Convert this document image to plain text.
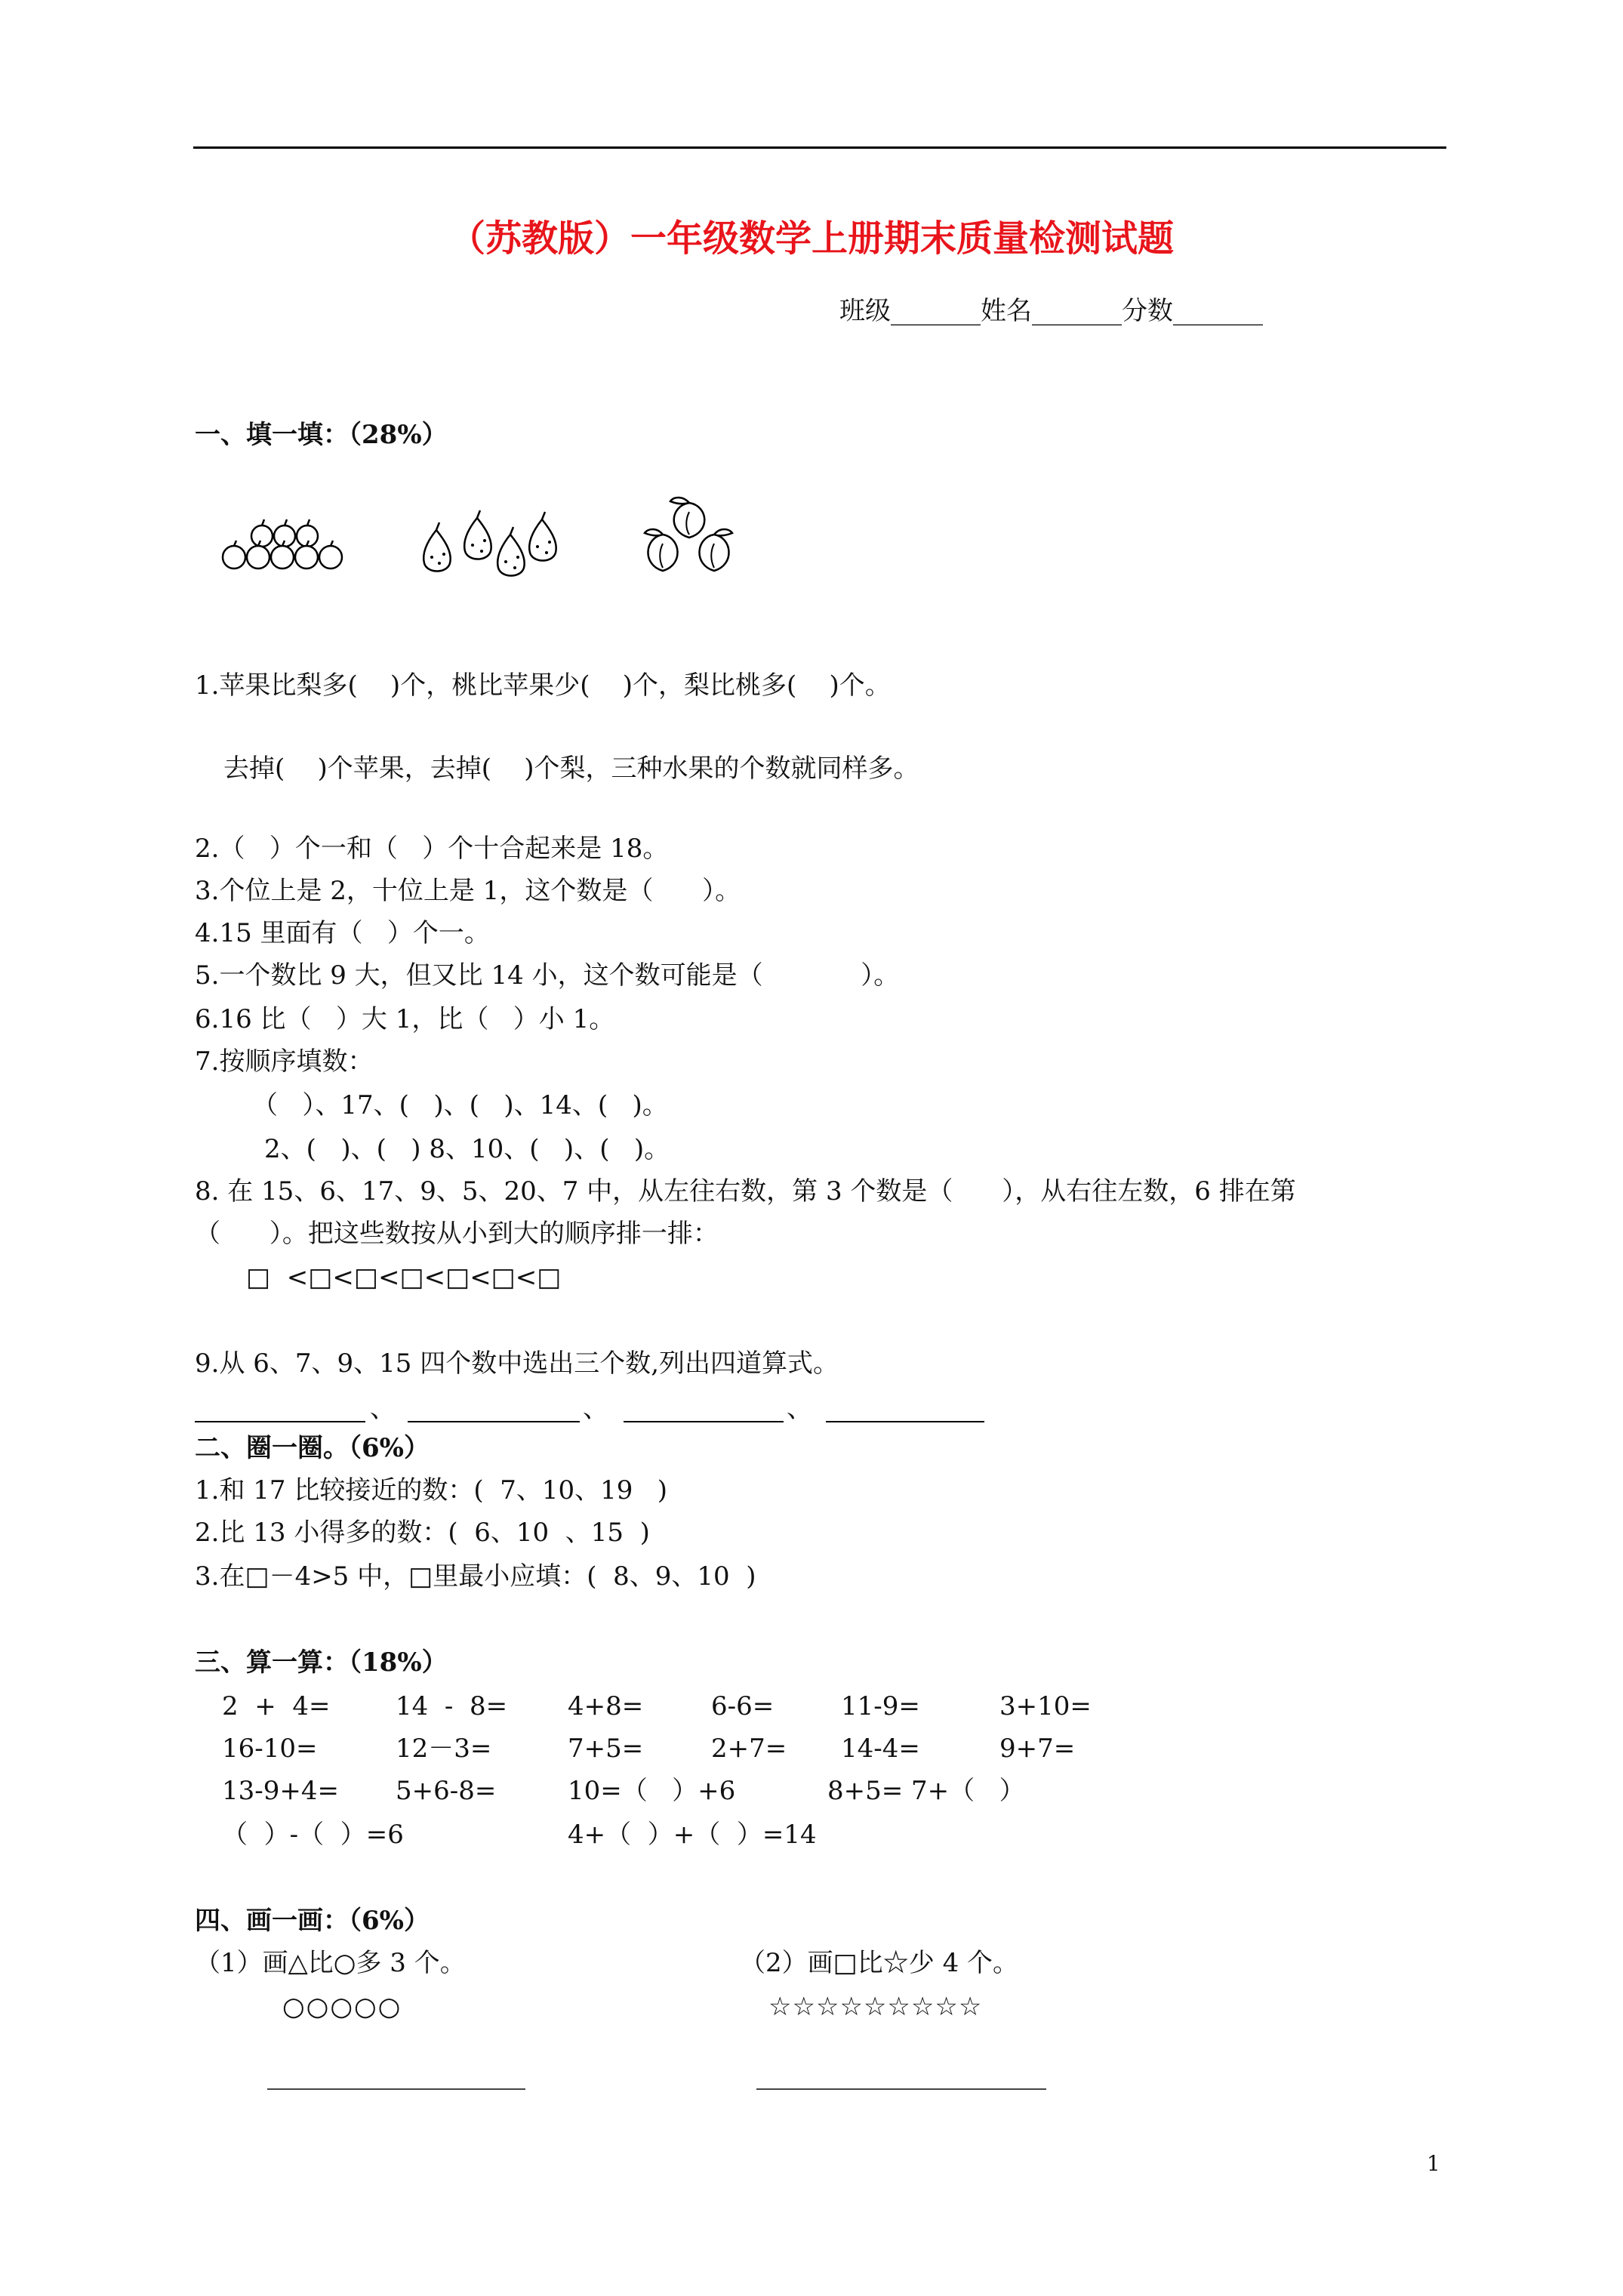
（苏教版）一年级数学上册期末质量检测试题
班级_______姓名_______分数_______
一、填一填：（28%）
1.苹果比梨多(    )个，桃比苹果少(    )个，梨比桃多(    )个。
去掉(    )个苹果，去掉(    )个梨，三种水果的个数就同样多。
2.（   ）个一和（   ）个十合起来是 18。
3.个位上是 2，十位上是 1，这个数是（      ）。
4.15 里面有（   ）个一。
5.一个数比 9 大，但又比 14 小，这个数可能是（            ）。
6.16 比（   ）大 1，比（   ）小 1。
7.按顺序填数：
（   ）、17、(   )、(   )、14、(   )。
2、(   )、(   ) 8、10、(   )、(   )。
8. 在 15、6、17、9、5、20、7 中，从左往右数，第 3 个数是（      ），从右往左数，6 排在第
（      ）。把这些数按从小到大的顺序排一排：
□  <□<□<□<□<□<□
9.从 6、7、9、15 四个数中选出三个数,列出四道算式。
、	、	、
二、圈一圈。（6%）
1.和 17 比较接近的数：(  7、10、19   )
2.比 13 小得多的数：(  6、10  、15  )
3.在□－4>5 中，□里最小应填：(  8、9、10  )
三、算一算：（18%）
2  +  4=	14  -  8= 4+8=	6-6=	11-9=	3+10=
16-10=	12－3=	7+5=	2+7= 14-4=	9+7=
13-9+4= 5+6-8=	10=（   ）+6	8+5= 7+（   ）
（  ）-（  ）=6	4+（  ）+（  ）=14
四、画一画：（6%）
（1）画△比○多 3 个。	（2）画□比☆少 4 个。
○○○○○	☆☆☆☆☆☆☆☆☆
1
